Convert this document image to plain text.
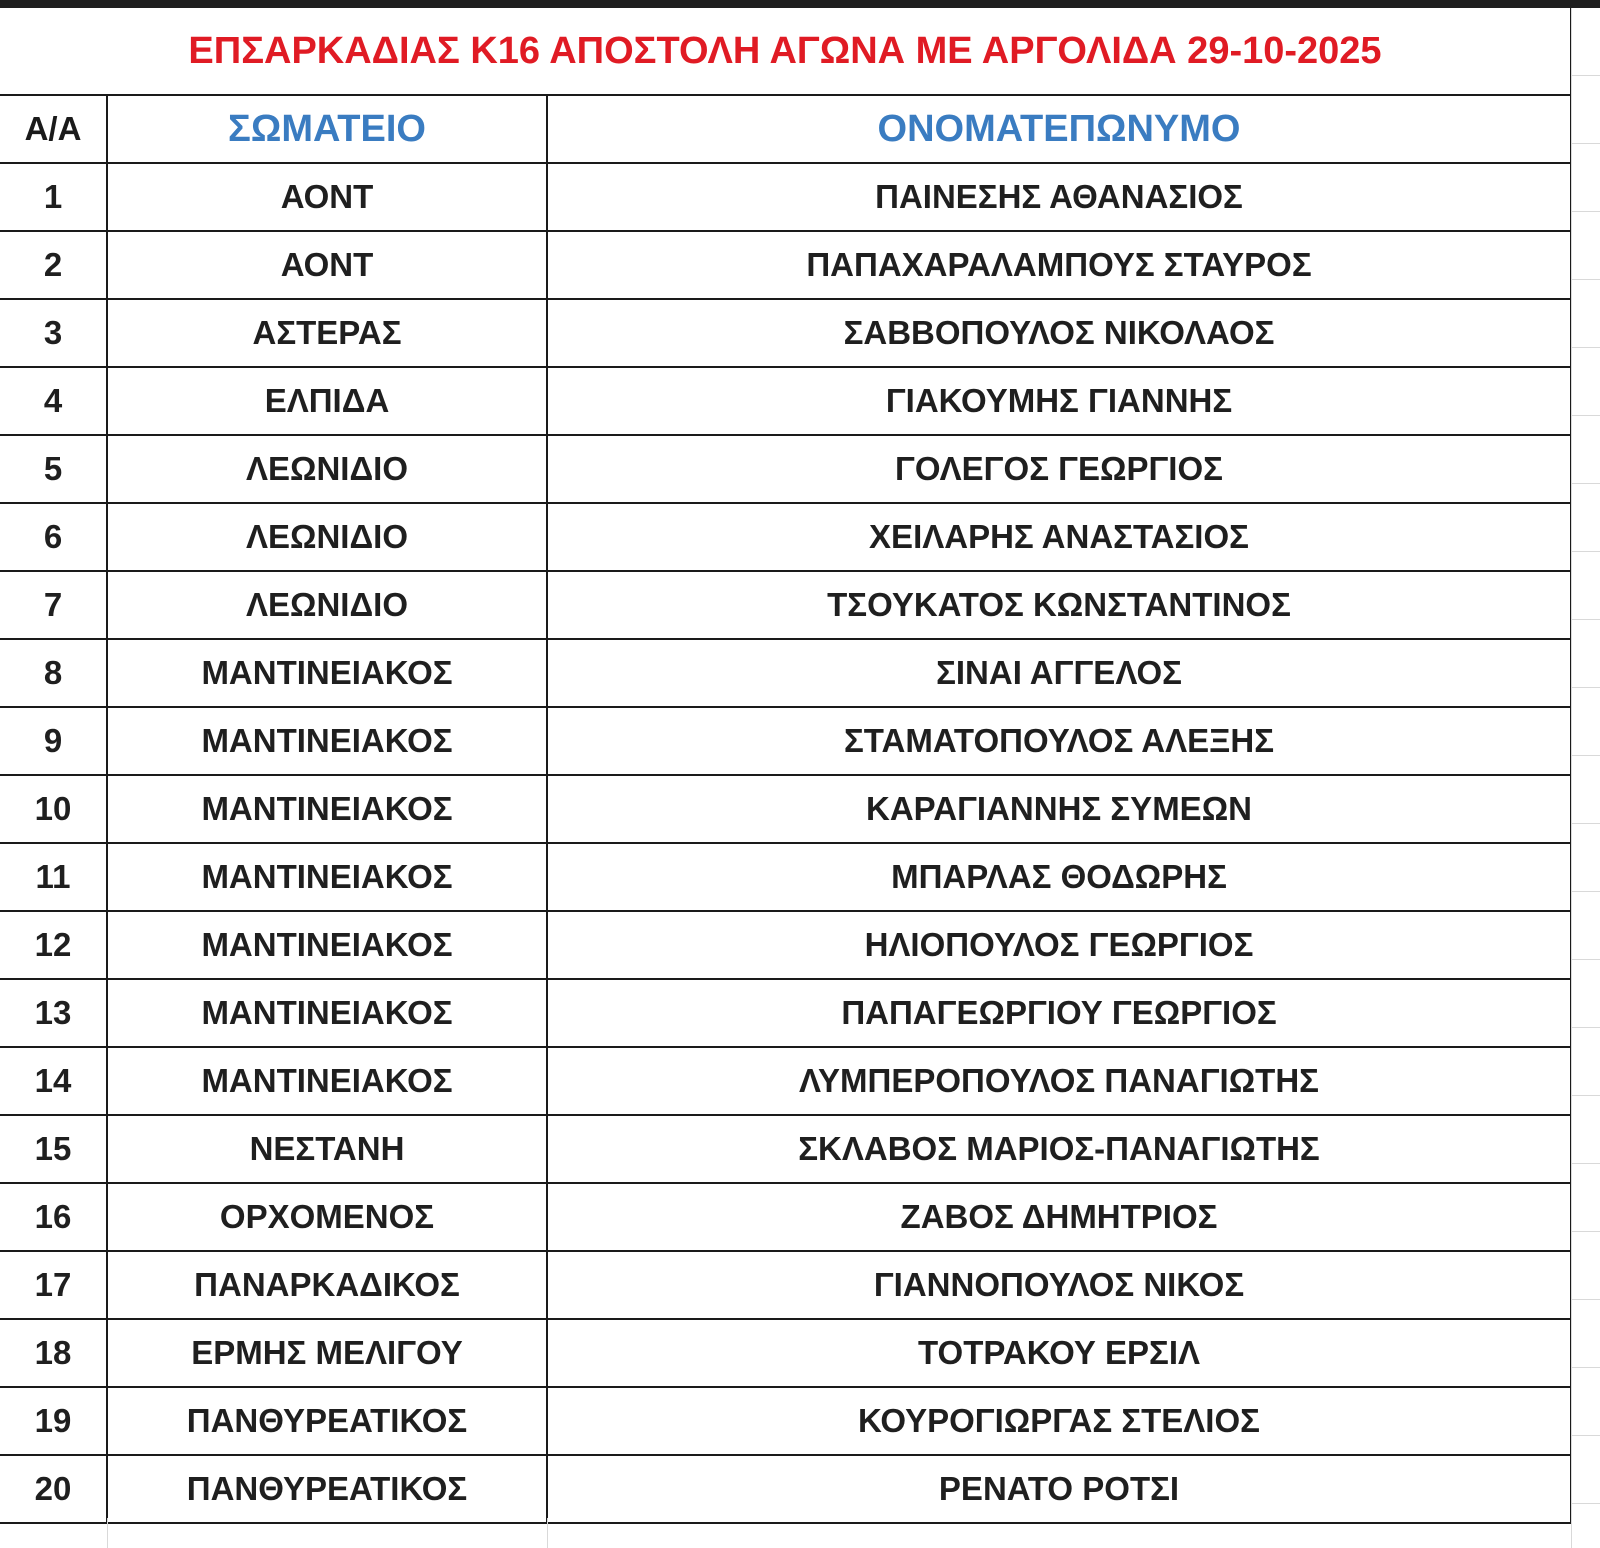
ΕΠΣΑΡΚΑΔΙΑΣ Κ16 ΑΠΟΣΤΟΛΗ ΑΓΩΝΑ ΜΕ ΑΡΓΟΛΙΔΑ 29-10-2025		
Α/Α	ΣΩΜΑΤΕΙΟ	ΟΝΟΜΑΤΕΠΩΝΥΜΟ
1	ΑΟΝΤ	ΠΑΙΝΕΣΗΣ ΑΘΑΝΑΣΙΟΣ
2	ΑΟΝΤ	ΠΑΠΑΧΑΡΑΛΑΜΠΟΥΣ ΣΤΑΥΡΟΣ
3	ΑΣΤΕΡΑΣ	ΣΑΒΒΟΠΟΥΛΟΣ ΝΙΚΟΛΑΟΣ
4	ΕΛΠΙΔΑ	ΓΙΑΚΟΥΜΗΣ ΓΙΑΝΝΗΣ
5	ΛΕΩΝΙΔΙΟ	ΓΟΛΕΓΟΣ ΓΕΩΡΓΙΟΣ
6	ΛΕΩΝΙΔΙΟ	ΧΕΙΛΑΡΗΣ ΑΝΑΣΤΑΣΙΟΣ
7	ΛΕΩΝΙΔΙΟ	ΤΣΟΥΚΑΤΟΣ ΚΩΝΣΤΑΝΤΙΝΟΣ
8	ΜΑΝΤΙΝΕΙΑΚΟΣ	ΣΙΝΑΙ ΑΓΓΕΛΟΣ
9	ΜΑΝΤΙΝΕΙΑΚΟΣ	ΣΤΑΜΑΤΟΠΟΥΛΟΣ ΑΛΕΞΗΣ
10	ΜΑΝΤΙΝΕΙΑΚΟΣ	ΚΑΡΑΓΙΑΝΝΗΣ ΣΥΜΕΩΝ
11	ΜΑΝΤΙΝΕΙΑΚΟΣ	ΜΠΑΡΛΑΣ ΘΟΔΩΡΗΣ
12	ΜΑΝΤΙΝΕΙΑΚΟΣ	ΗΛΙΟΠΟΥΛΟΣ ΓΕΩΡΓΙΟΣ
13	ΜΑΝΤΙΝΕΙΑΚΟΣ	ΠΑΠΑΓΕΩΡΓΙΟΥ ΓΕΩΡΓΙΟΣ
14	ΜΑΝΤΙΝΕΙΑΚΟΣ	ΛΥΜΠΕΡΟΠΟΥΛΟΣ ΠΑΝΑΓΙΩΤΗΣ
15	ΝΕΣΤΑΝΗ	ΣΚΛΑΒΟΣ ΜΑΡΙΟΣ-ΠΑΝΑΓΙΩΤΗΣ
16	ΟΡΧΟΜΕΝΟΣ	ΖΑΒΟΣ ΔΗΜΗΤΡΙΟΣ
17	ΠΑΝΑΡΚΑΔΙΚΟΣ	ΓΙΑΝΝΟΠΟΥΛΟΣ ΝΙΚΟΣ
18	ΕΡΜΗΣ ΜΕΛΙΓΟΥ	ΤΟΤΡΑΚΟΥ ΕΡΣΙΛ
19	ΠΑΝΘΥΡΕΑΤΙΚΟΣ	ΚΟΥΡΟΓΙΩΡΓΑΣ ΣΤΕΛΙΟΣ
20	ΠΑΝΘΥΡΕΑΤΙΚΟΣ	ΡΕΝΑΤΟ ΡΟΤΣΙ
